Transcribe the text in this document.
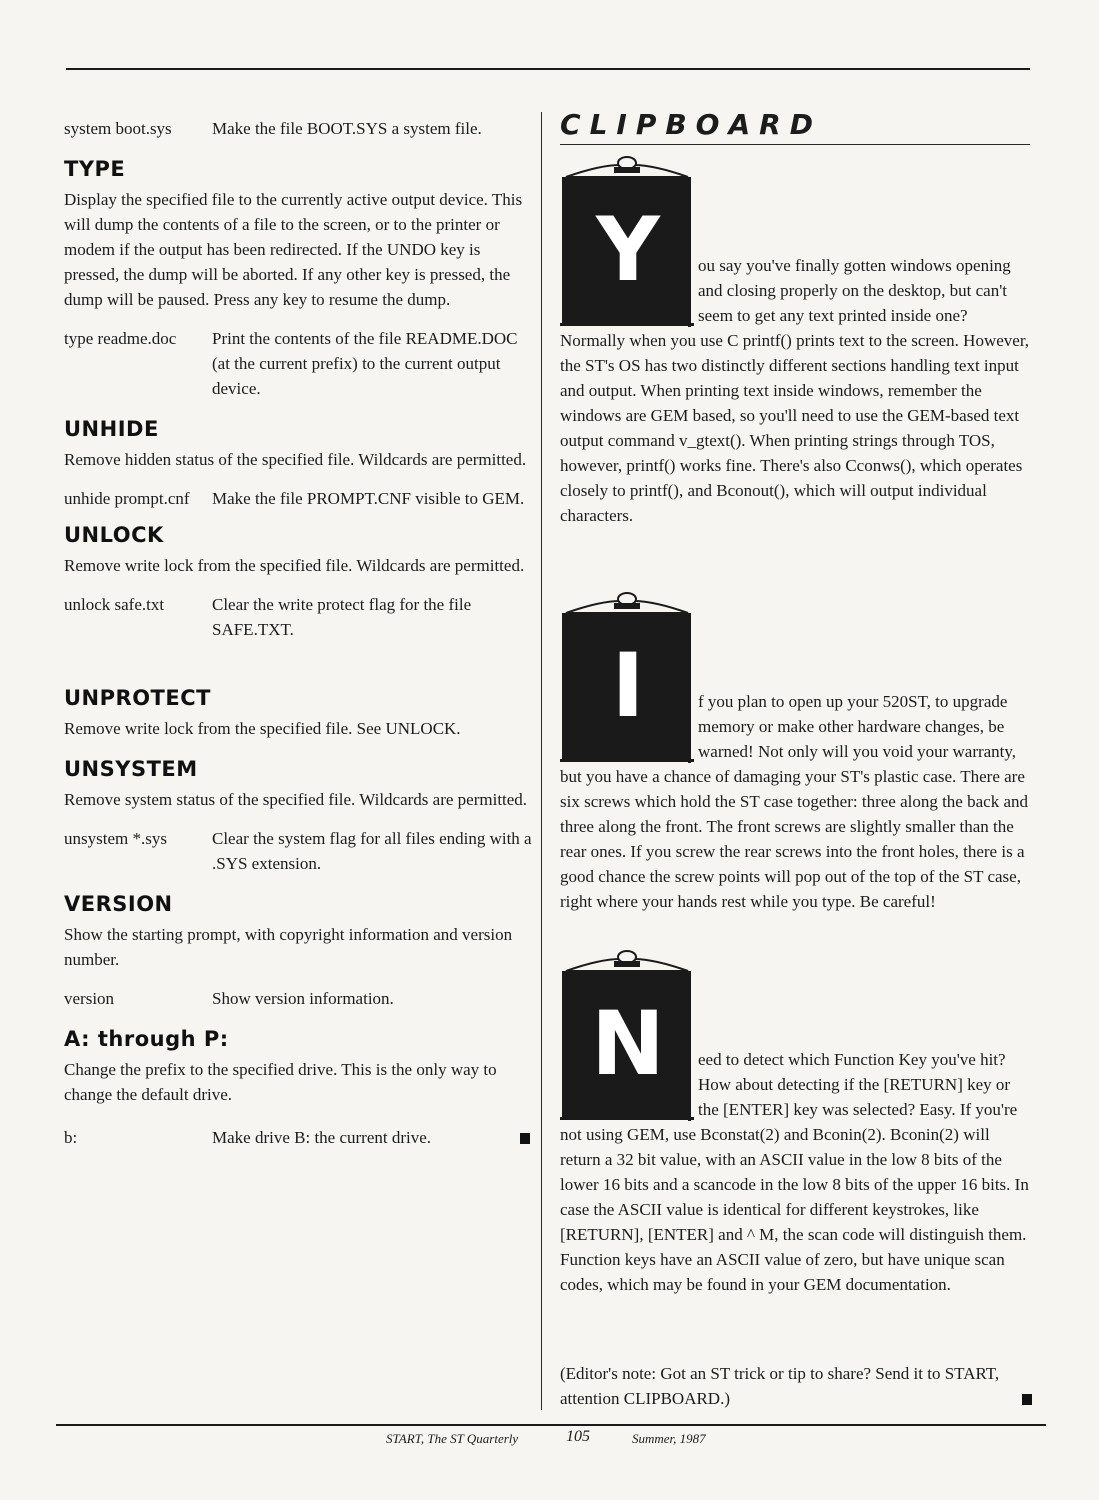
system boot.sys	Make the file BOOT.SYS a system file.
TYPE

Display the specified file to the currently active output device. This will dump the contents of a file to the screen, or to the printer or modem if the output has been redirected. If the UNDO key is pressed, the dump will be aborted. If any other key is pressed, the dump will be paused. Press any key to resume the dump.

type readme.doc	Print the contents of the file README.DOC (at the current prefix) to the current output device.
UNHIDE

Remove hidden status of the specified file. Wildcards are permitted.

unhide prompt.cnf	Make the file PROMPT.CNF visible to GEM.
UNLOCK

Remove write lock from the specified file. Wildcards are permitted.

unlock safe.txt	Clear the write protect flag for the file SAFE.TXT.
UNPROTECT

Remove write lock from the specified file. See UNLOCK.

UNSYSTEM

Remove system status of the specified file. Wildcards are permitted.

unsystem *.sys	Clear the system flag for all files ending with a .SYS extension.
VERSION

Show the starting prompt, with copyright information and version number.

version	Show version information.
A: through P:

Change the prefix to the specified drive. This is the only way to change the default drive.

b:	Make drive B: the current drive.
CLIPBOARD
Y	ou say you've finally gotten windows opening and closing properly on the desktop, but can't seem to get any text printed inside one? Normally when you use C printf() prints text to the screen. However, the ST's OS has two distinctly different sections handling text input and output. When printing text inside windows, remember the windows are GEM based, so you'll need to use the GEM-based text output command v_gtext(). When printing strings through TOS, however, printf() works fine. There's also Cconws(), which operates closely to printf(), and Bconout(), which will output individual characters.

I	f you plan to open up your 520ST, to upgrade memory or make other hardware changes, be warned! Not only will you void your warranty, but you have a chance of damaging your ST's plastic case. There are six screws which hold the ST case together: three along the back and three along the front. The front screws are slightly smaller than the rear ones. If you screw the rear screws into the front holes, there is a good chance the screw points will pop out of the top of the ST case, right where your hands rest while you type. Be careful!

N	eed to detect which Function Key you've hit? How about detecting if the [RETURN] key or the [ENTER] key was selected? Easy. If you're not using GEM, use Bconstat(2) and Bconin(2). Bconin(2) will return a 32 bit value, with an ASCII value in the low 8 bits of the lower 16 bits and a scancode in the low 8 bits of the upper 16 bits. In case the ASCII value is identical for different keystrokes, like [RETURN], [ENTER] and ^ M, the scan code will distinguish them. Function keys have an ASCII value of zero, but have unique scan codes, which may be found in your GEM documentation.

(Editor's note: Got an ST trick or tip to share? Send it to START, attention CLIPBOARD.)

START, The ST Quarterly	105	Summer, 1987
